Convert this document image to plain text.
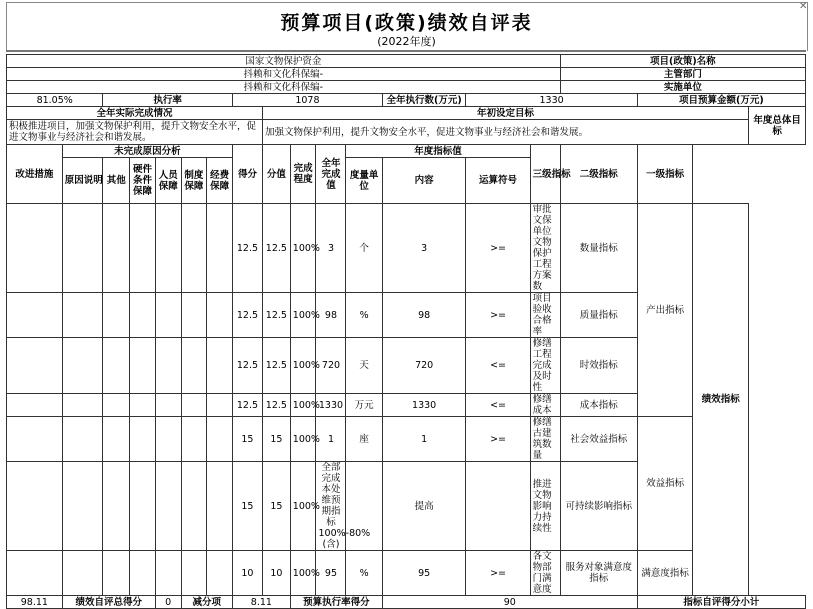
预算项目(政策)绩效自评表
(2022年度)
✕
国家文物保护资金															项目(政策)名称			
抖赖和文化科保编-															主管部门			
抖赖和文化科保编-															实施单位			
81.05%		执行率					1078					全年执行数(万元)	1330			项目预算金额(万元)		
全年实际完成情况								年初设定目标										年度总体目标
积极推进项目，加强文物保护利用，提升文物安全水平，促进文物事业与经济社会和谐发展。								加强文物保护利用，提升文物安全水平，促进文物事业与经济社会和谐发展。										
改进措施	未完成原因分析						得分	分值	完成程度	全年完成值	年度指标值			三级指标	二级指标	一级指标		
	原因说明	其他	硬件条件保障	人员保障	制度保障	经费保障					度量单位	内容	运算符号					
							12.5	12.5	100%	3	个	3	>=	审批文保单位文物保护工程方案数	数量指标	产出指标	绩效指标	
							12.5	12.5	100%	98	%	98	>=	项目验收合格率	质量指标			
							12.5	12.5	100%	720	天	720	<=	修缮工程完成及时性	时效指标			
							12.5	12.5	100%	1330	万元	1330	<=	修缮成本	成本指标			
							15	15	100%	1	座	1	>=	修缮古建筑数量	社会效益指标	效益指标		
							15	15	100%	全部完成本处维预期指标100%-80%(含)		提高		推进文物影响力持续性	可持续影响指标			
							10	10	100%	95	%	95	>=	各文物部门满意度	服务对象满意度指标	满意度指标		
98.11	绩效自评总得分			0	减分项		8.11		预算执行率得分			90				指标自评得分小计		
